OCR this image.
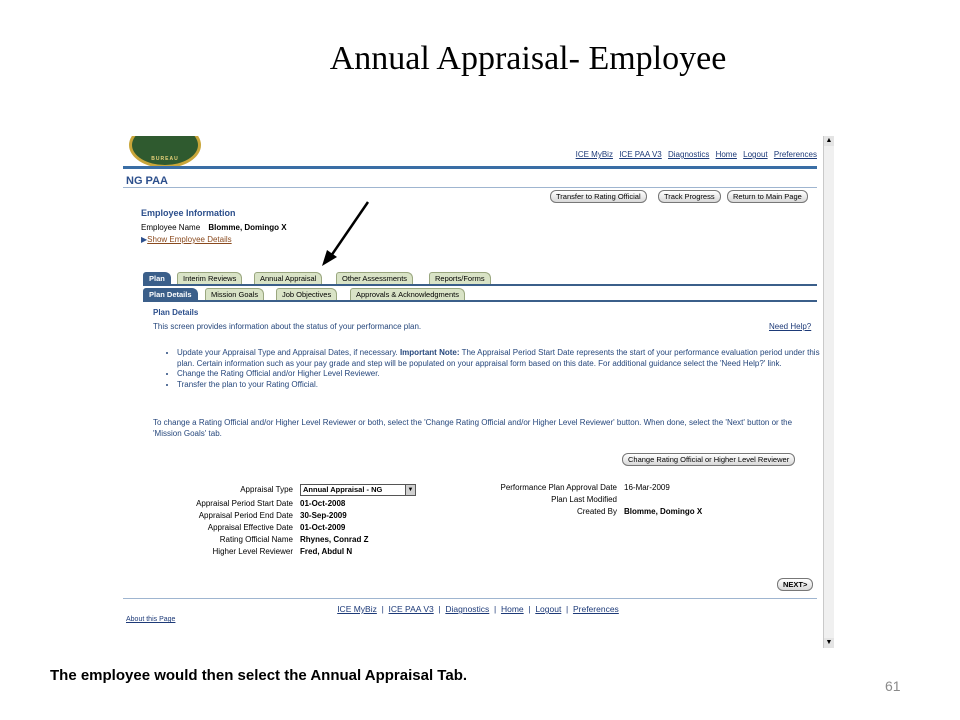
Annual Appraisal- Employee
BUREAU	ICE MyBiz ICE PAA V3 Diagnostics Home Logout Preferences
NG PAA
Transfer to Rating Official	Track Progress	Return to Main Page
Employee Information
Employee Name Blomme, Domingo X
▶Show Employee Details
Plan	Interim Reviews	Annual Appraisal	Other Assessments	Reports/Forms
Plan Details	Mission Goals	Job Objectives	Approvals & Acknowledgments
Plan Details
This screen provides information about the status of your performance plan.	Need Help?
• Update your Appraisal Type and Appraisal Dates, if necessary. Important Note: The Appraisal Period Start Date represents the start of your performance evaluation period under this plan. Certain information such as your pay grade and step will be populated on your appraisal form based on this date. For additional guidance select the 'Need Help?' link.
• Change the Rating Official and/or Higher Level Reviewer.
• Transfer the plan to your Rating Official.
To change a Rating Official and/or Higher Level Reviewer or both, select the 'Change Rating Official and/or Higher Level Reviewer' button. When done, select the 'Next' button or the 'Mission Goals' tab.
Change Rating Official or Higher Level Reviewer
Appraisal Type	Annual Appraisal - NG	▼
Appraisal Period Start Date 01-Oct-2008
Appraisal Period End Date 30-Sep-2009
Appraisal Effective Date 01-Oct-2009
Rating Official Name Rhynes, Conrad Z
Higher Level Reviewer Fred, Abdul N
Performance Plan Approval Date 16-Mar-2009
Plan Last Modified
Created By Blomme, Domingo X
NEXT>
ICE MyBiz  |  ICE PAA V3  |  Diagnostics  |  Home  |  Logout  |  Preferences
About this Page
▲
▼
The employee would then select the Annual Appraisal Tab.
61
